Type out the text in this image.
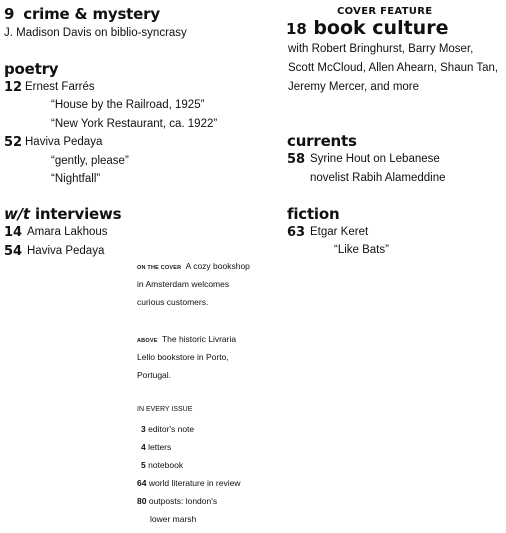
9 crime & mystery
J. Madison Davis on biblio-syncrasy
poetry
12 Ernest Farrés
“House by the Railroad, 1925”
“New York Restaurant, ca. 1922”
52 Haviva Pedaya
“gently, please”
“Nightfall”
w/t interviews
14 Amara Lakhous
54 Haviva Pedaya
ON THE COVER A cozy bookshop
in Amsterdam welcomes
curious customers.
ABOVE The historic Livraria
Lello bookstore in Porto,
Portugal.
IN EVERY ISSUE
3 editor's note
4 letters
5 notebook
64 world literature in review
80 outposts: london's
lower marsh
COVER FEATURE
18 book culture
with Robert Bringhurst, Barry Moser,
Scott McCloud, Allen Ahearn, Shaun Tan,
Jeremy Mercer, and more
currents
58 Syrine Hout on Lebanese
novelist Rabih Alameddine
fiction
63 Etgar Keret
“Like Bats”
